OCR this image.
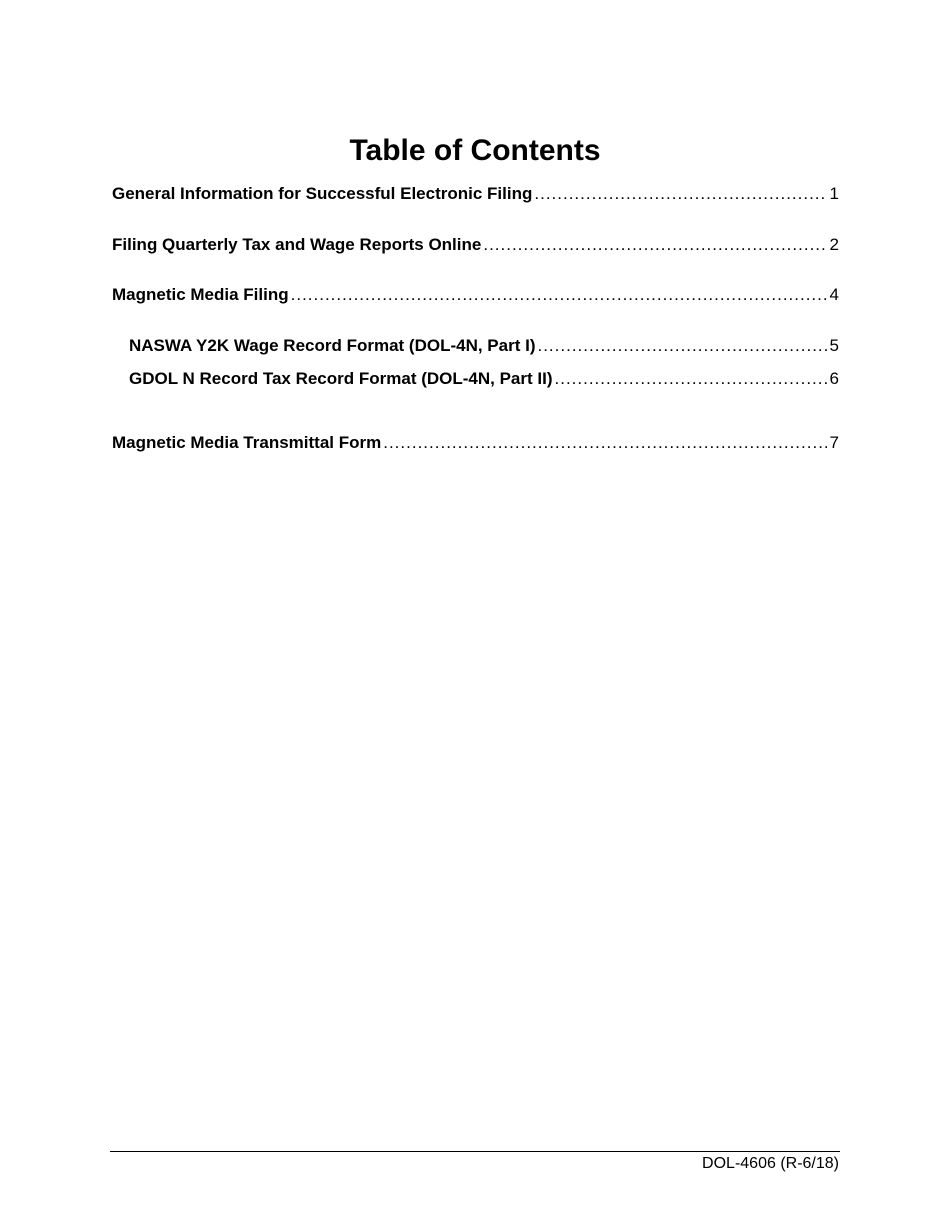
Table of Contents
General Information for Successful Electronic Filing .....	1
Filing Quarterly Tax and Wage Reports Online .....	2
Magnetic Media Filing .....	4
NASWA Y2K Wage Record Format (DOL-4N, Part I) .....	5
GDOL N Record Tax Record Format (DOL-4N, Part II) .....	6
Magnetic Media Transmittal Form .....	7
DOL-4606 (R-6/18)
